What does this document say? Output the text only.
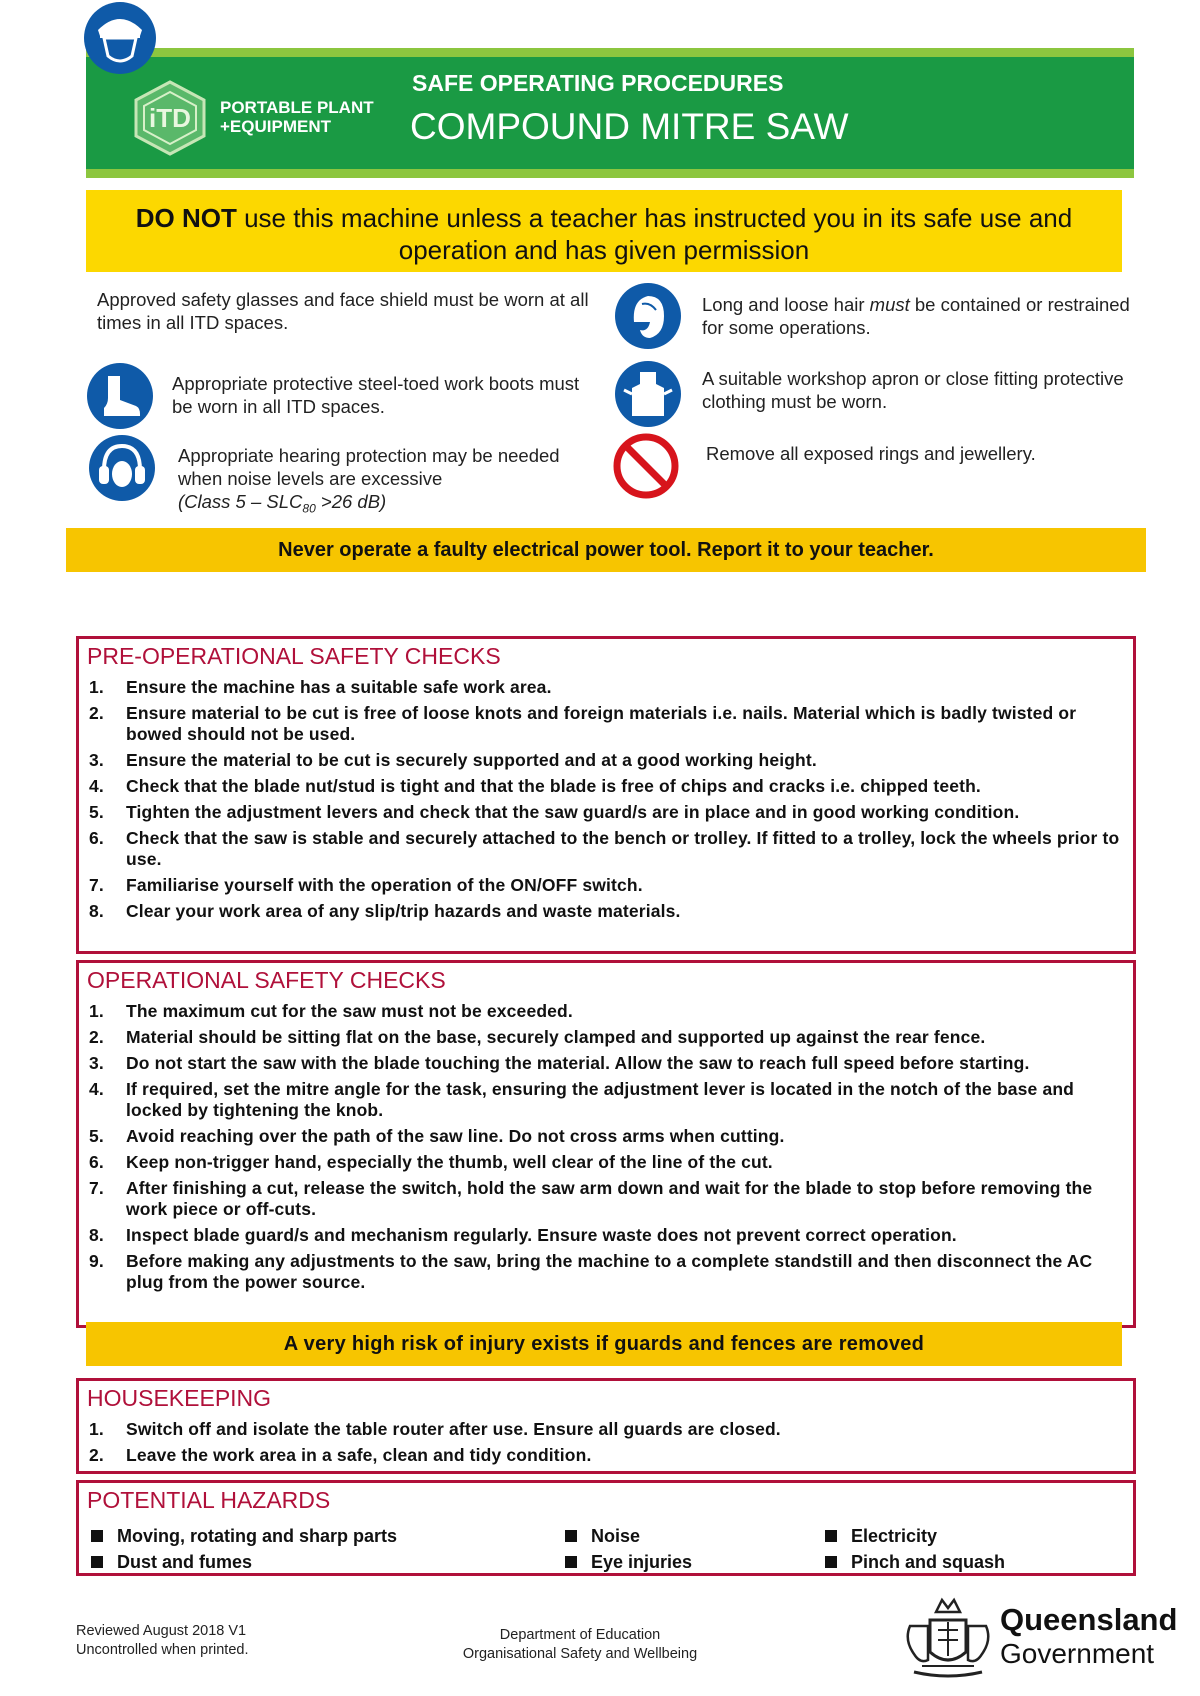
iTD PORTABLE PLANT
+EQUIPMENT
SAFE OPERATING PROCEDURES
COMPOUND MITRE SAW
DO NOT use this machine unless a teacher has instructed you in its safe use and operation and has given permission
Approved safety glasses and face shield must be worn at all times in all ITD spaces.
Appropriate protective steel-toed work boots must be worn in all ITD spaces.
Appropriate hearing protection may be needed when noise levels are excessive
(Class $5 - SLC_{80} >26$ dB)
Long and loose hair must be contained or restrained for some operations.
A suitable workshop apron or close fitting protective clothing must be worn.
Remove all exposed rings and jewellery.
Never operate a faulty electrical power tool. Report it to your teacher.
PRE-OPERATIONAL SAFETY CHECKS
1. Ensure the machine has a suitable safe work area.
2. Ensure material to be cut is free of loose knots and foreign materials i.e. nails. Material which is badly twisted or bowed should not be used.
3. Ensure the material to be cut is securely supported and at a good working height.
4. Check that the blade nut/stud is tight and that the blade is free of chips and cracks i.e. chipped teeth.
5. Tighten the adjustment levers and check that the saw guard/s are in place and in good working condition.
6. Check that the saw is stable and securely attached to the bench or trolley. If fitted to a trolley, lock the wheels prior to use.
7. Familiarise yourself with the operation of the ON/OFF switch.
8. Clear your work area of any slip/trip hazards and waste materials.
OPERATIONAL SAFETY CHECKS
1. The maximum cut for the saw must not be exceeded.
2. Material should be sitting flat on the base, securely clamped and supported up against the rear fence.
3. Do not start the saw with the blade touching the material. Allow the saw to reach full speed before starting.
4. If required, set the mitre angle for the task, ensuring the adjustment lever is located in the notch of the base and locked by tightening the knob.
5. Avoid reaching over the path of the saw line. Do not cross arms when cutting.
6. Keep non-trigger hand, especially the thumb, well clear of the line of the cut.
7. After finishing a cut, release the switch, hold the saw arm down and wait for the blade to stop before removing the work piece or off-cuts.
8. Inspect blade guard/s and mechanism regularly. Ensure waste does not prevent correct operation.
9. Before making any adjustments to the saw, bring the machine to a complete standstill and then disconnect the AC plug from the power source.
A very high risk of injury exists if guards and fences are removed
HOUSEKEEPING
1. Switch off and isolate the table router after use. Ensure all guards are closed.
2. Leave the work area in a safe, clean and tidy condition.
POTENTIAL HAZARDS
Moving, rotating and sharp parts
Dust and fumes
Noise
Eye injuries
Electricity
Pinch and squash
Reviewed August 2018 V1
Uncontrolled when printed.
Department of Education
Organisational Safety and Wellbeing
Queensland
Government
